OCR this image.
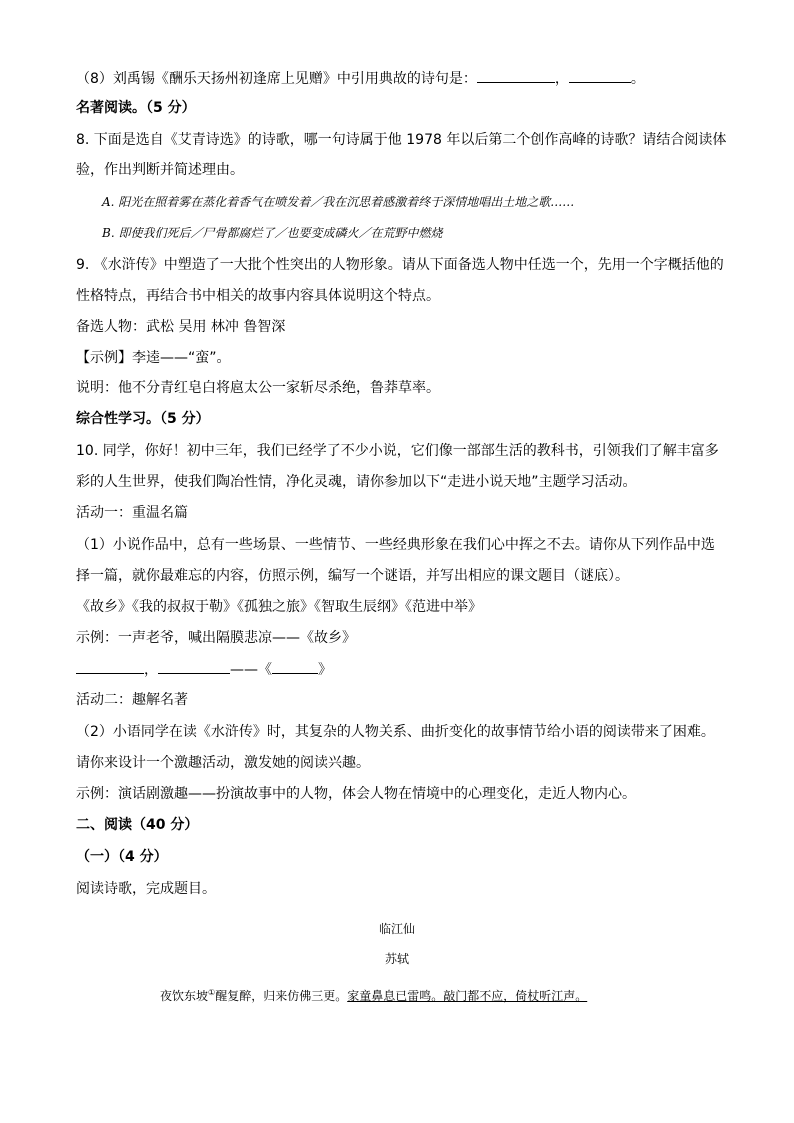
（8）刘禹锡《酬乐天扬州初逢席上见赠》中引用典故的诗句是：	，	。
名著阅读。（5 分）
8. 下面是选自《艾青诗选》的诗歌，哪一句诗属于他 1978 年以后第二个创作高峰的诗歌？请结合阅读体
验，作出判断并简述理由。
A. 阳光在照着雾在蒸化着香气在喷发着／我在沉思着感激着终于深情地唱出土地之歌……
B. 即使我们死后／尸骨都腐烂了／也要变成磷火／在荒野中燃烧
9. 《水浒传》中塑造了一大批个性突出的人物形象。请从下面备选人物中任选一个，先用一个字概括他的
性格特点，再结合书中相关的故事内容具体说明这个特点。
备选人物：武松 吴用 林冲 鲁智深
【示例】李逵——“蛮”。
说明：他不分青红皂白将扈太公一家斩尽杀绝，鲁莽草率。
综合性学习。（5 分）
10. 同学，你好！初中三年，我们已经学了不少小说，它们像一部部生活的教科书，引领我们了解丰富多
彩的人生世界，使我们陶冶性情，净化灵魂，请你参加以下“走进小说天地”主题学习活动。
活动一：重温名篇
（1）小说作品中，总有一些场景、一些情节、一些经典形象在我们心中挥之不去。请你从下列作品中选
择一篇，就你最难忘的内容，仿照示例，编写一个谜语，并写出相应的课文题目（谜底）。
《故乡》《我的叔叔于勒》《孤独之旅》《智取生辰纲》《范进中举》
示例：一声老爷，喊出隔膜悲凉——《故乡》
，	——《	》
活动二：趣解名著
（2）小语同学在读《水浒传》时，其复杂的人物关系、曲折变化的故事情节给小语的阅读带来了困难。
请你来设计一个激趣活动，激发她的阅读兴趣。
示例：演话剧激趣——扮演故事中的人物，体会人物在情境中的心理变化，走近人物内心。
二、阅读（40 分）
（一）（4 分）
阅读诗歌，完成题目。
临江仙
苏轼
夜饮东坡①醒复醉，归来仿佛三更。家童鼻息已雷鸣。敲门都不应，倚杖听江声。
